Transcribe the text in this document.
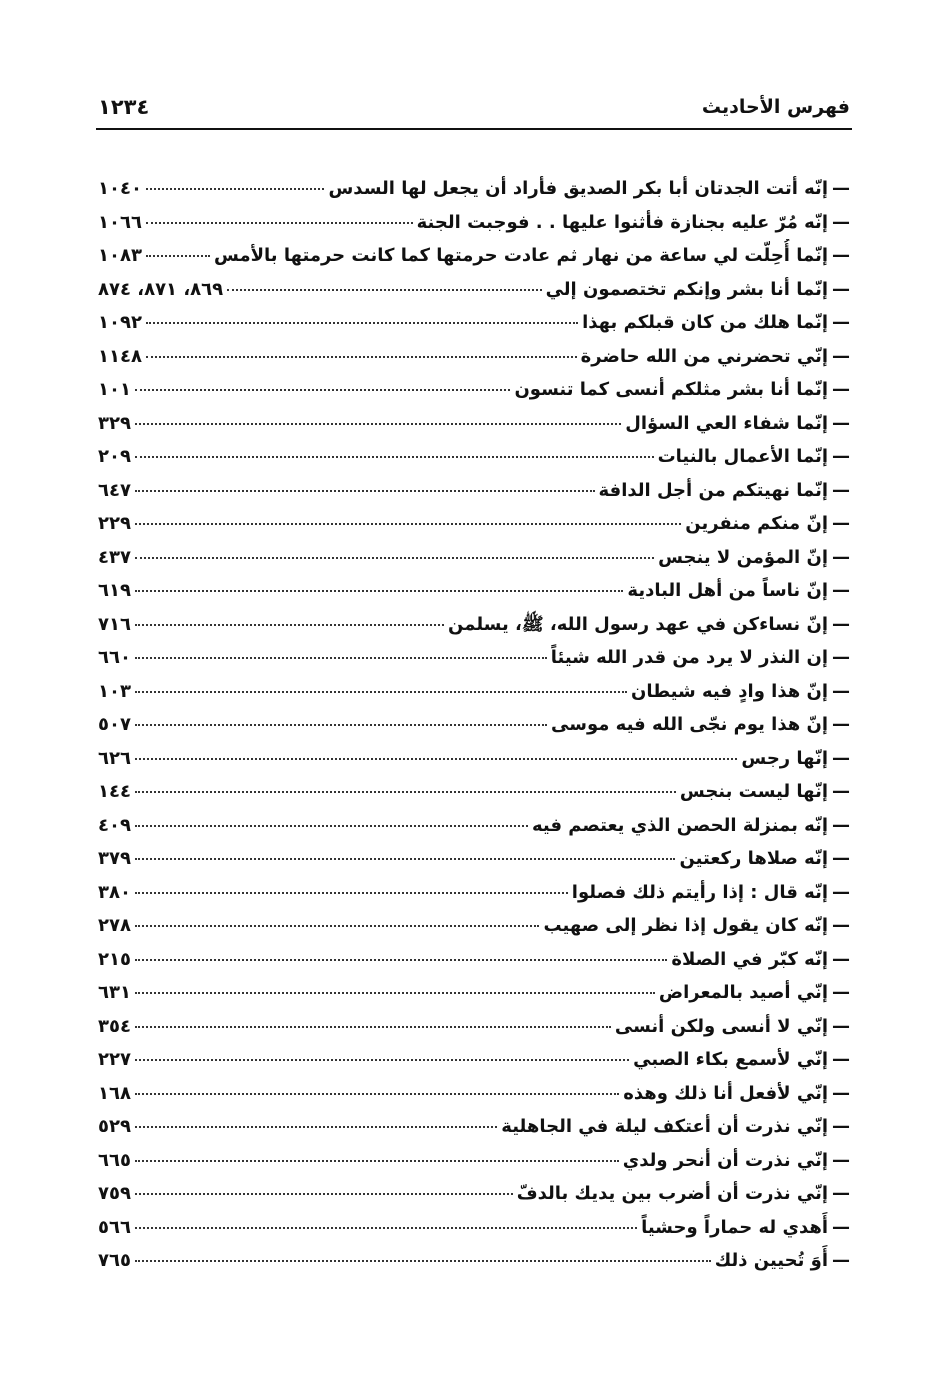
فهرس الأحاديث
١٢٣٤
—
إنّه أتت الجدتان أبا بكر الصديق فأراد أن يجعل لها السدس
١٠٤٠
—
إنّه مُرّ عليه بجنازة فأثنوا عليها . . فوجبت الجنة
١٠٦٦
—
إنّما أُحِلّت لي ساعة من نهار ثم عادت حرمتها كما كانت حرمتها بالأمس
١٠٨٣
—
إنّما أنا بشر وإنكم تختصمون إلي
٨٦٩، ٨٧١، ٨٧٤
—
إنّما هلك من كان قبلكم بهذا
١٠٩٢
—
إنّي تحضرني من الله حاضرة
١١٤٨
—
إنّما أنا بشر مثلكم أنسى كما تنسون
١٠١
—
إنّما شفاء العي السؤال
٣٢٩
—
إنّما الأعمال بالنيات
٢٠٩
—
إنّما نهيتكم من أجل الدافة
٦٤٧
—
إنّ منكم منفرين
٢٢٩
—
إنّ المؤمن لا ينجس
٤٣٧
—
إنّ ناساً من أهل البادية
٦١٩
—
إنّ نساءكن في عهد رسول الله، ﷺ، يسلمن
٧١٦
—
إن النذر لا يرد من قدر الله شيئاً
٦٦٠
—
إنّ هذا وادٍ فيه شيطان
١٠٣
—
إنّ هذا يوم نجّى الله فيه موسى
٥٠٧
—
إنّها رجس
٦٢٦
—
إنّها ليست بنجس
١٤٤
—
إنّه بمنزلة الحصن الذي يعتصم فيه
٤٠٩
—
إنّه صلاها ركعتين
٣٧٩
—
إنّه قال : إذا رأيتم ذلك فصلوا
٣٨٠
—
إنّه كان يقول إذا نظر إلى صهيب
٢٧٨
—
إنّه كبّر في الصلاة
٢١٥
—
إنّي أصيد بالمعراض
٦٣١
—
إنّي لا أنسى ولكن أنسى
٣٥٤
—
إنّي لأسمع بكاء الصبي
٢٢٧
—
إنّي لأفعل أنا ذلك وهذه
١٦٨
—
إنّي نذرت أن أعتكف ليلة في الجاهلية
٥٢٩
—
إنّي نذرت أن أنحر ولدي
٦٦٥
—
إنّي نذرت أن أضرب بين يديك بالدفّ
٧٥٩
—
أَهدي له حماراً وحشياً
٥٦٦
—
أَوَ تُحيين ذلك
٧٦٥
